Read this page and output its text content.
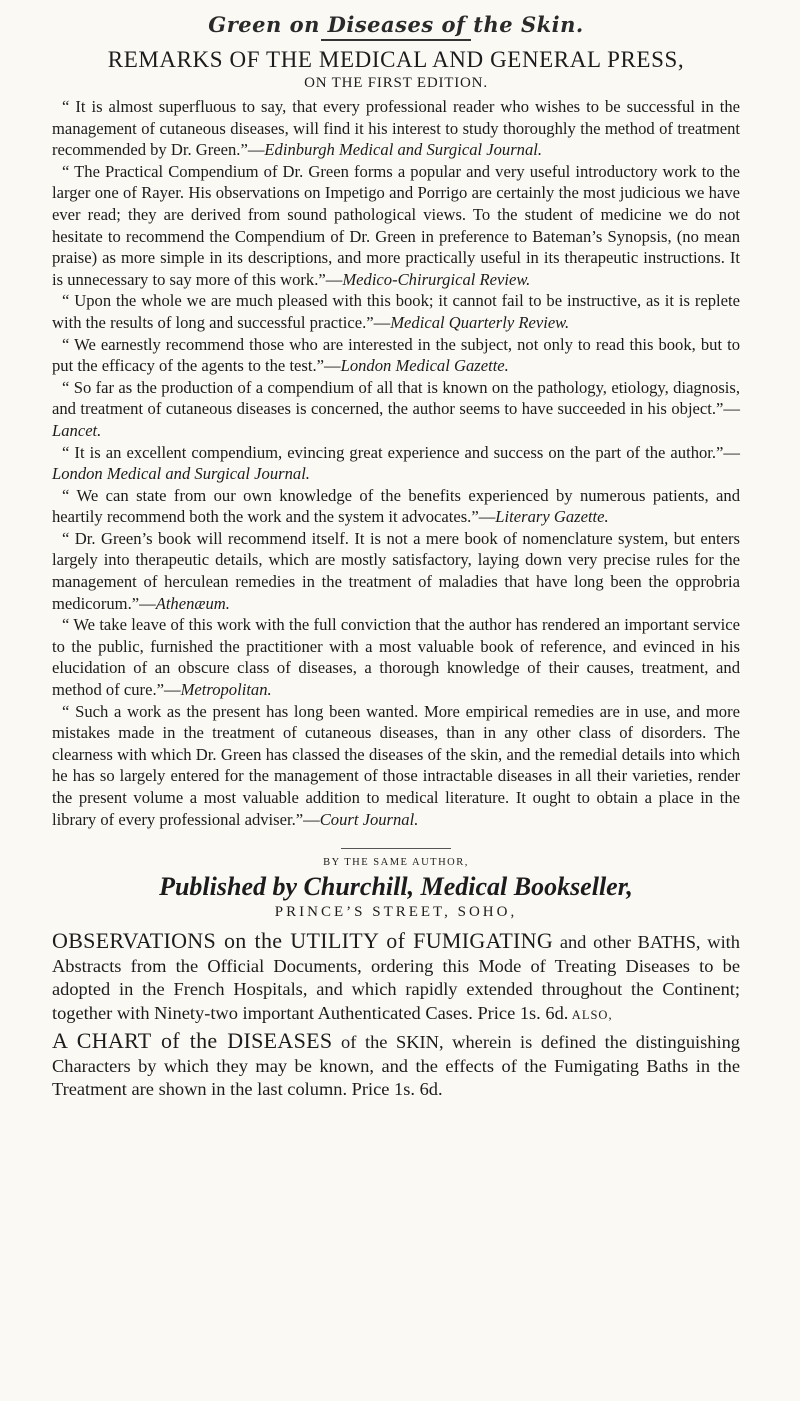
Green on Diseases of the Skin.
REMARKS OF THE MEDICAL AND GENERAL PRESS,
ON THE FIRST EDITION.

“ It is almost superfluous to say, that every professional reader who wishes to be successful in the management of cutaneous diseases, will find it his interest to study thoroughly the method of treatment recommended by Dr. Green.”—Edinburgh Medical and Surgical Journal.

“ The Practical Compendium of Dr. Green forms a popular and very useful introductory work to the larger one of Rayer. His observations on Impetigo and Porrigo are certainly the most judicious we have ever read; they are derived from sound pathological views. To the student of medicine we do not hesitate to recommend the Compendium of Dr. Green in preference to Bateman’s Synopsis, (no mean praise) as more simple in its descriptions, and more practically useful in its therapeutic instructions. It is unnecessary to say more of this work.”—Medico-Chirurgical Review.

“ Upon the whole we are much pleased with this book; it cannot fail to be instructive, as it is replete with the results of long and successful practice.”—Medical Quarterly Review.

“ We earnestly recommend those who are interested in the subject, not only to read this book, but to put the efficacy of the agents to the test.”—London Medical Gazette.

“ So far as the production of a compendium of all that is known on the pathology, etiology, diagnosis, and treatment of cutaneous diseases is concerned, the author seems to have succeeded in his object.”—Lancet.

“ It is an excellent compendium, evincing great experience and success on the part of the author.”—London Medical and Surgical Journal.

“ We can state from our own knowledge of the benefits experienced by numerous patients, and heartily recommend both the work and the system it advocates.”—Literary Gazette.

“ Dr. Green’s book will recommend itself. It is not a mere book of nomenclature system, but enters largely into therapeutic details, which are mostly satisfactory, laying down very precise rules for the management of herculean remedies in the treatment of maladies that have long been the opprobria medicorum.”—Athenæum.

“ We take leave of this work with the full conviction that the author has rendered an important service to the public, furnished the practitioner with a most valuable book of reference, and evinced in his elucidation of an obscure class of diseases, a thorough knowledge of their causes, treatment, and method of cure.”—Metropolitan.

“ Such a work as the present has long been wanted. More empirical remedies are in use, and more mistakes made in the treatment of cutaneous diseases, than in any other class of disorders. The clearness with which Dr. Green has classed the diseases of the skin, and the remedial details into which he has so largely entered for the management of those intractable diseases in all their varieties, render the present volume a most valuable addition to medical literature. It ought to obtain a place in the library of every professional adviser.”—Court Journal.

BY THE SAME AUTHOR,
Published by Churchill, Medical Bookseller,
PRINCE’S STREET, SOHO,

OBSERVATIONS on the UTILITY of FUMIGATING and other BATHS, with Abstracts from the Official Documents, ordering this Mode of Treating Diseases to be adopted in the French Hospitals, and which rapidly extended throughout the Continent; together with Ninety-two important Authenticated Cases. Price 1s. 6d. ALSO,

A CHART of the DISEASES of the SKIN, wherein is defined the distinguishing Characters by which they may be known, and the effects of the Fumigating Baths in the Treatment are shown in the last column. Price 1s. 6d.
